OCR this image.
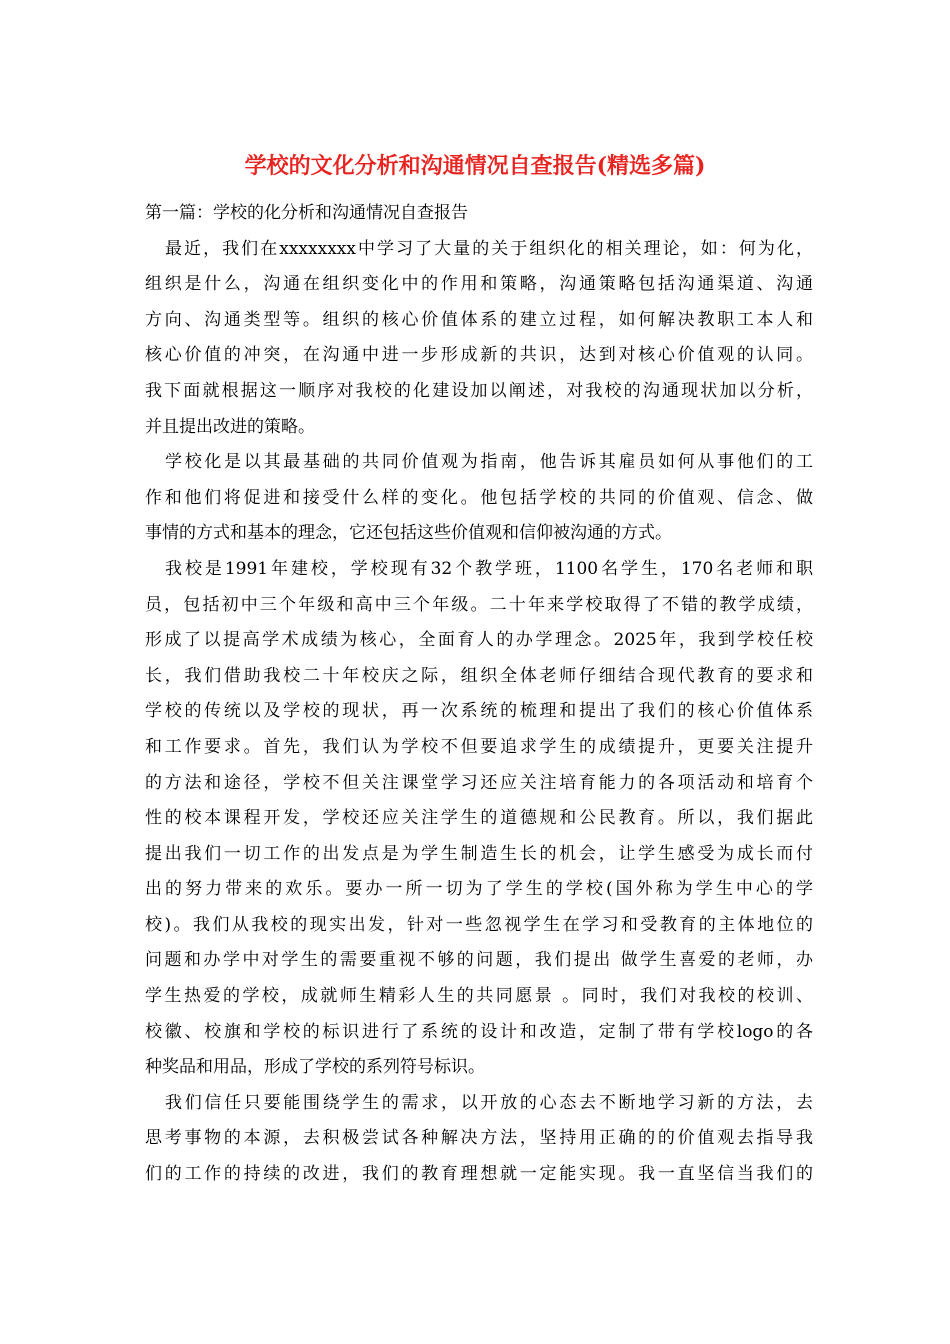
学校的文化分析和沟通情况自查报告(精选多篇)
第一篇：学校的化分析和沟通情况自查报告
最近，我们在xxxxxxxx中学习了大量的关于组织化的相关理论，如：何为化，
组织是什么，沟通在组织变化中的作用和策略，沟通策略包括沟通渠道、沟通
方向、沟通类型等。组织的核心价值体系的建立过程，如何解决教职工本人和
核心价值的冲突，在沟通中进一步形成新的共识，达到对核心价值观的认同。
我下面就根据这一顺序对我校的化建设加以阐述，对我校的沟通现状加以分析，
并且提出改进的策略。
学校化是以其最基础的共同价值观为指南，他告诉其雇员如何从事他们的工
作和他们将促进和接受什么样的变化。他包括学校的共同的价值观、信念、做
事情的方式和基本的理念，它还包括这些价值观和信仰被沟通的方式。
我校是1991年建校，学校现有32个教学班，1100名学生，170名老师和职
员，包括初中三个年级和高中三个年级。二十年来学校取得了不错的教学成绩，
形成了以提高学术成绩为核心，全面育人的办学理念。2025年，我到学校任校
长，我们借助我校二十年校庆之际，组织全体老师仔细结合现代教育的要求和
学校的传统以及学校的现状，再一次系统的梳理和提出了我们的核心价值体系
和工作要求。首先，我们认为学校不但要追求学生的成绩提升，更要关注提升
的方法和途径，学校不但关注课堂学习还应关注培育能力的各项活动和培育个
性的校本课程开发，学校还应关注学生的道德规和公民教育。所以，我们据此
提出我们一切工作的出发点是为学生制造生长的机会，让学生感受为成长而付
出的努力带来的欢乐。要办一所一切为了学生的学校(国外称为学生中心的学
校)。我们从我校的现实出发，针对一些忽视学生在学习和受教育的主体地位的
问题和办学中对学生的需要重视不够的问题，我们提出 做学生喜爱的老师，办
学生热爱的学校，成就师生精彩人生的共同愿景 。同时，我们对我校的校训、
校徽、校旗和学校的标识进行了系统的设计和改造，定制了带有学校logo的各
种奖品和用品，形成了学校的系列符号标识。
我们信任只要能围绕学生的需求，以开放的心态去不断地学习新的方法，去
思考事物的本源，去积极尝试各种解决方法，坚持用正确的的价值观去指导我
们的工作的持续的改进，我们的教育理想就一定能实现。我一直坚信当我们的
